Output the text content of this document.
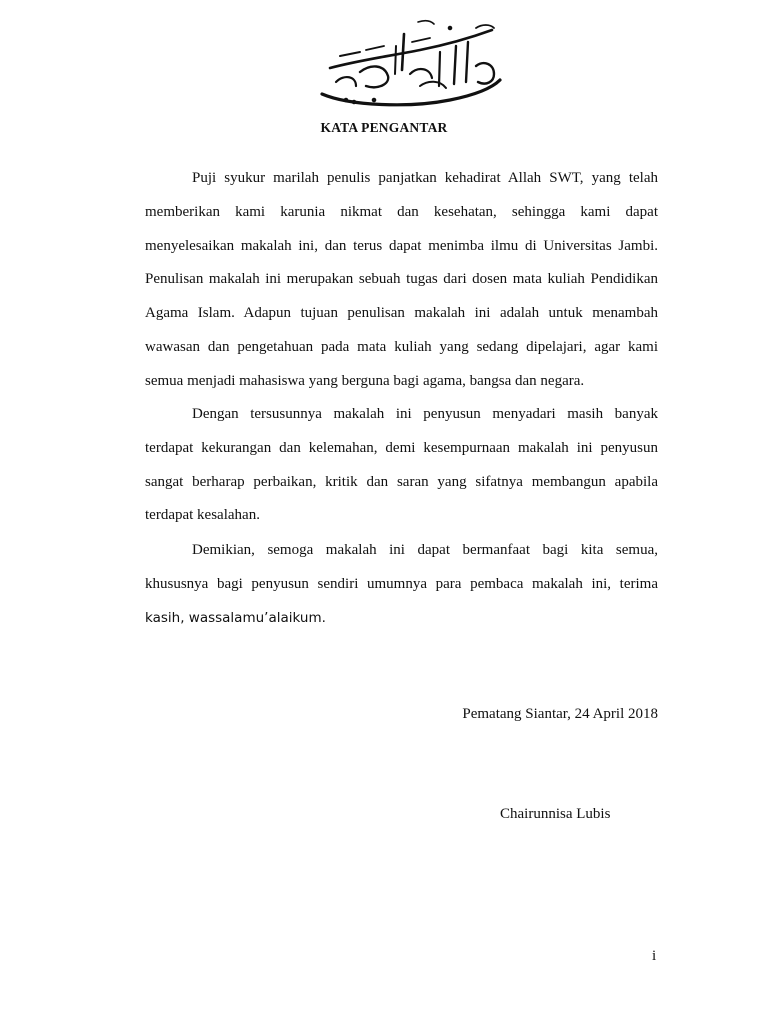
KATA PENGANTAR
Puji syukur marilah penulis panjatkan kehadirat Allah SWT, yang telah
memberikan kami karunia nikmat dan kesehatan, sehingga kami dapat
menyelesaikan makalah ini, dan terus dapat menimba ilmu di Universitas Jambi.
Penulisan makalah ini merupakan sebuah tugas dari dosen mata kuliah Pendidikan
Agama Islam. Adapun tujuan penulisan makalah ini adalah untuk menambah
wawasan dan pengetahuan pada mata kuliah yang sedang dipelajari, agar kami
semua menjadi mahasiswa yang berguna bagi agama, bangsa dan negara.
Dengan tersusunnya makalah ini penyusun menyadari masih banyak
terdapat kekurangan dan kelemahan, demi kesempurnaan makalah ini penyusun
sangat berharap perbaikan, kritik dan saran yang sifatnya membangun apabila
terdapat kesalahan.
Demikian, semoga makalah ini dapat bermanfaat bagi kita semua,
khususnya bagi penyusun sendiri umumnya para pembaca makalah ini, terima
kasih, wassalamu’alaikum.
Pematang Siantar, 24 April 2018
Chairunnisa Lubis
i
